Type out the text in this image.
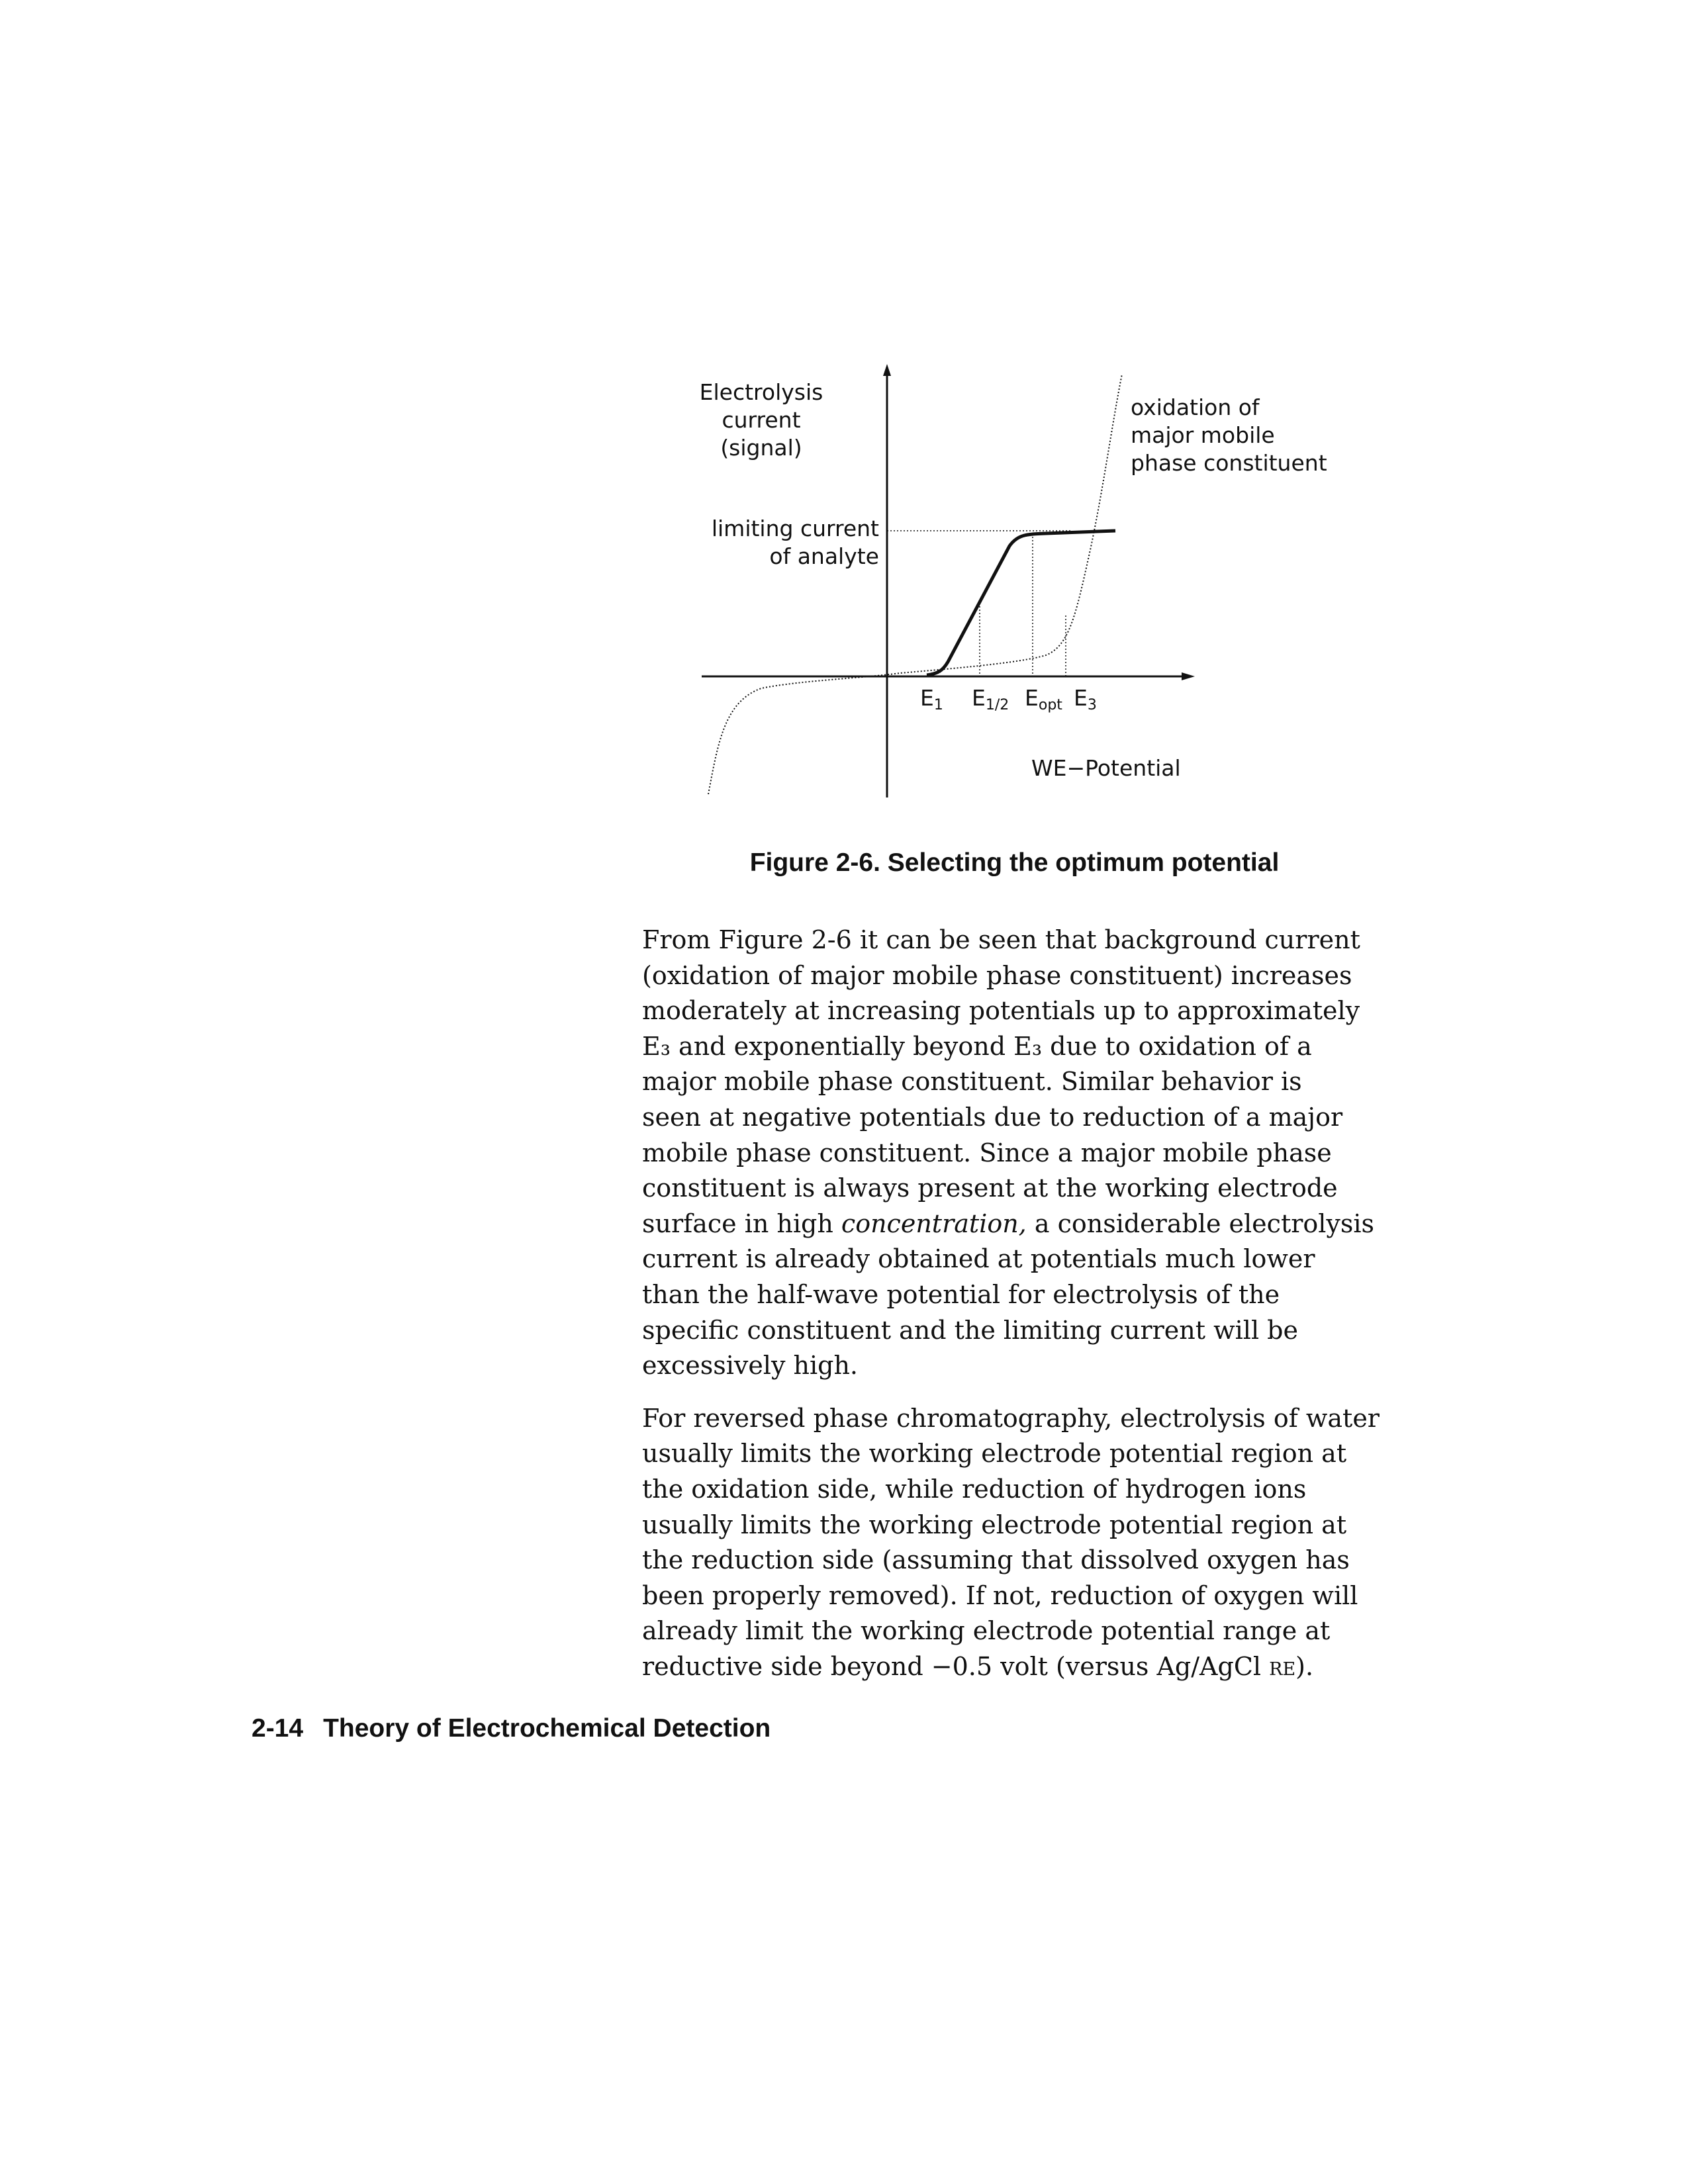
Electrolysis
current
(signal)
limiting current
of analyte
oxidation of
major mobile
phase constituent
$E_1$ $E_{1/2}$ $E_{opt}$ $E_3$
WE−Potential
Figure 2-6. Selecting the optimum potential

From Figure 2-6 it can be seen that background current
(oxidation of major mobile phase constituent) increases
moderately at increasing potentials up to approximately
E₃ and exponentially beyond E₃ due to oxidation of a
major mobile phase constituent. Similar behavior is
seen at negative potentials due to reduction of a major
mobile phase constituent. Since a major mobile phase
constituent is always present at the working electrode
surface in high concentration, a considerable electrolysis
current is already obtained at potentials much lower
than the half-wave potential for electrolysis of the
specific constituent and the limiting current will be
excessively high.

For reversed phase chromatography, electrolysis of water
usually limits the working electrode potential region at
the oxidation side, while reduction of hydrogen ions
usually limits the working electrode potential region at
the reduction side (assuming that dissolved oxygen has
been properly removed). If not, reduction of oxygen will
already limit the working electrode potential range at
reductive side beyond −0.5 volt (versus Ag/AgCl re).

2-14 Theory of Electrochemical Detection
